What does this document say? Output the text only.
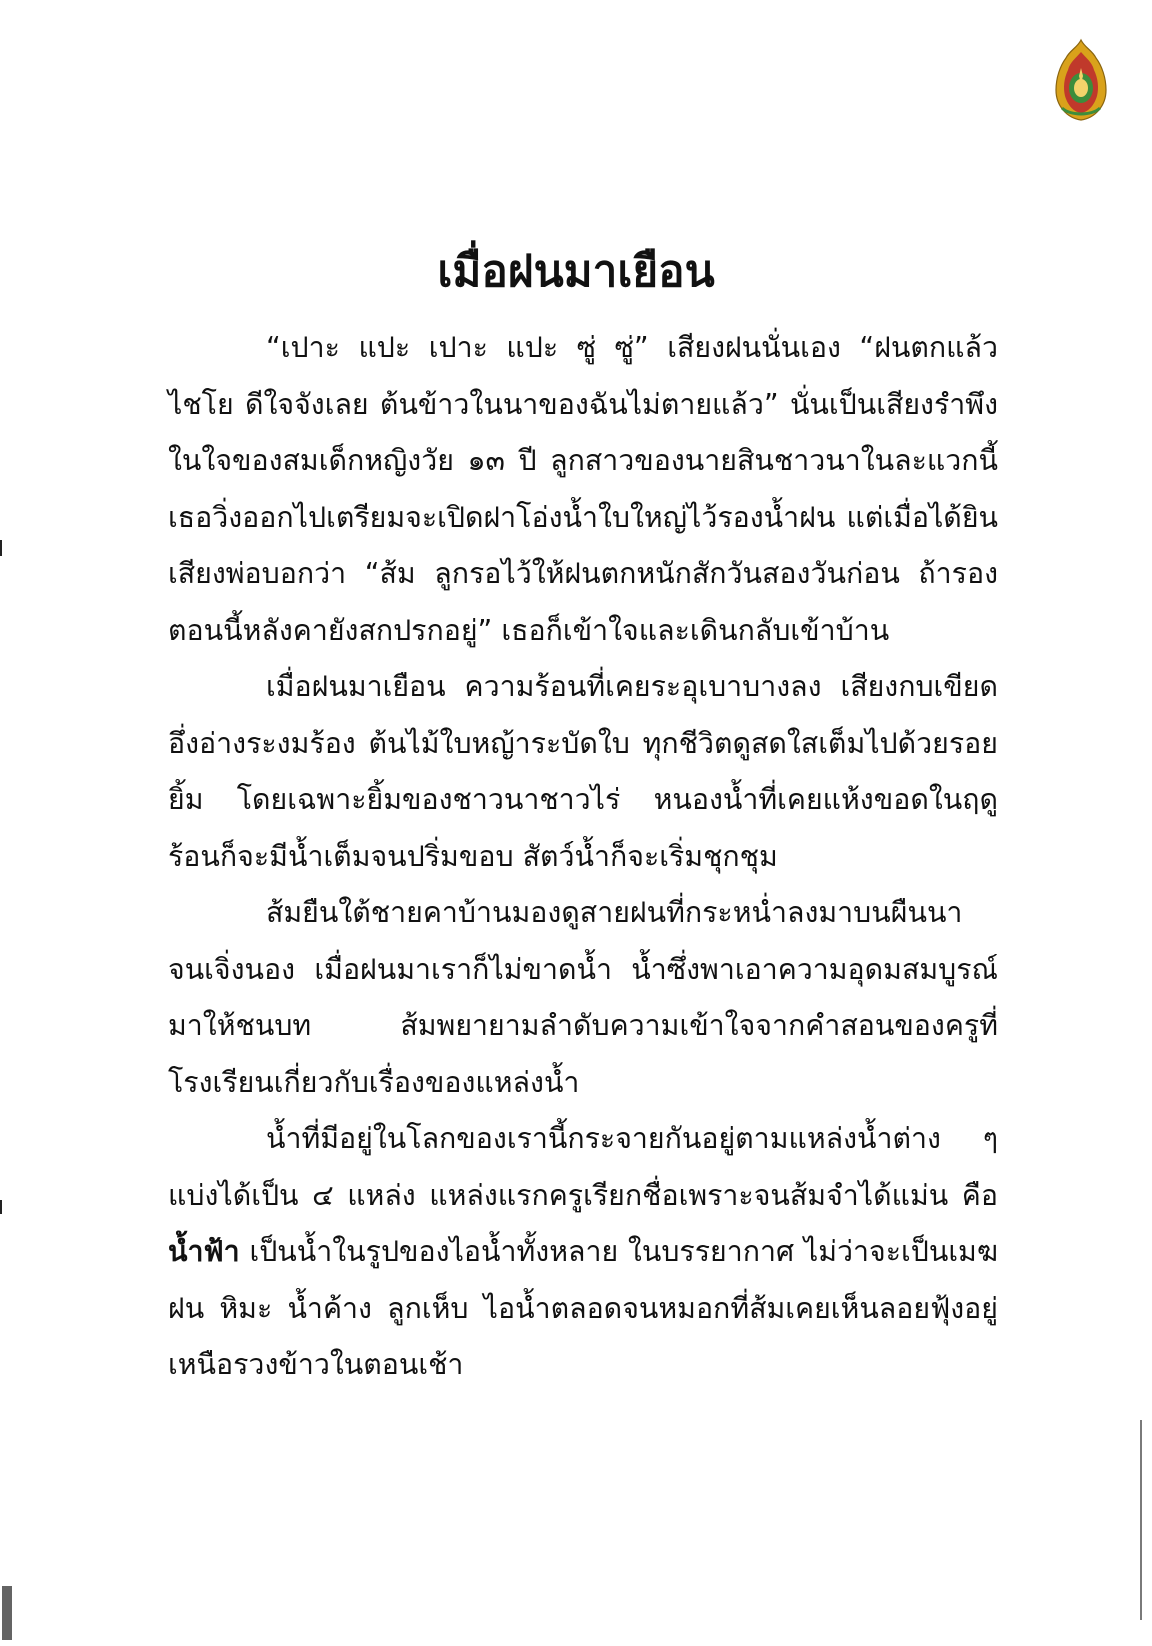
เมื่อฝนมาเยือน

“เปาะ แปะ เปาะ แปะ ซู่ ซู่” เสียงฝนนั่นเอง “ฝนตกแล้ว ไชโย ดีใจจังเลย ต้นข้าวในนาของฉันไม่ตายแล้ว” นั่นเป็นเสียงรำพึงในใจของสมเด็กหญิงวัย ๑๓ ปี ลูกสาวของนายสินชาวนาในละแวกนี้ เธอวิ่งออกไปเตรียมจะเปิดฝาโอ่งน้ำใบใหญ่ไว้รองน้ำฝน แต่เมื่อได้ยินเสียงพ่อบอกว่า “ส้ม ลูกรอไว้ให้ฝนตกหนักสักวันสองวันก่อน ถ้ารองตอนนี้หลังคายังสกปรกอยู่” เธอก็เข้าใจและเดินกลับเข้าบ้าน

เมื่อฝนมาเยือน ความร้อนที่เคยระอุเบาบางลง เสียงกบเขียด อึ่งอ่างระงมร้อง ต้นไม้ใบหญ้าระบัดใบ ทุกชีวิตดูสดใสเต็มไปด้วยรอยยิ้ม โดยเฉพาะยิ้มของชาวนาชาวไร่ หนองน้ำที่เคยแห้งขอดในฤดูร้อนก็จะมีน้ำเต็มจนปริ่มขอบ สัตว์น้ำก็จะเริ่มชุกชุม

ส้มยืนใต้ชายคาบ้านมองดูสายฝนที่กระหน่ำลงมาบนผืนนาจนเจิ่งนอง เมื่อฝนมาเราก็ไม่ขาดน้ำ น้ำซึ่งพาเอาความอุดมสมบูรณ์มาให้ชนบท ส้มพยายามลำดับความเข้าใจจากคำสอนของครูที่โรงเรียนเกี่ยวกับเรื่องของแหล่งน้ำ

น้ำที่มีอยู่ในโลกของเรานี้กระจายกันอยู่ตามแหล่งน้ำต่าง ๆ แบ่งได้เป็น ๔ แหล่ง แหล่งแรกครูเรียกชื่อเพราะจนส้มจำได้แม่น คือ น้ำฟ้า เป็นน้ำในรูปของไอน้ำทั้งหลาย ในบรรยากาศ ไม่ว่าจะเป็นเมฆ ฝน หิมะ น้ำค้าง ลูกเห็บ ไอน้ำตลอดจนหมอกที่ส้มเคยเห็นลอยฟุ้งอยู่เหนือรวงข้าวในตอนเช้า
